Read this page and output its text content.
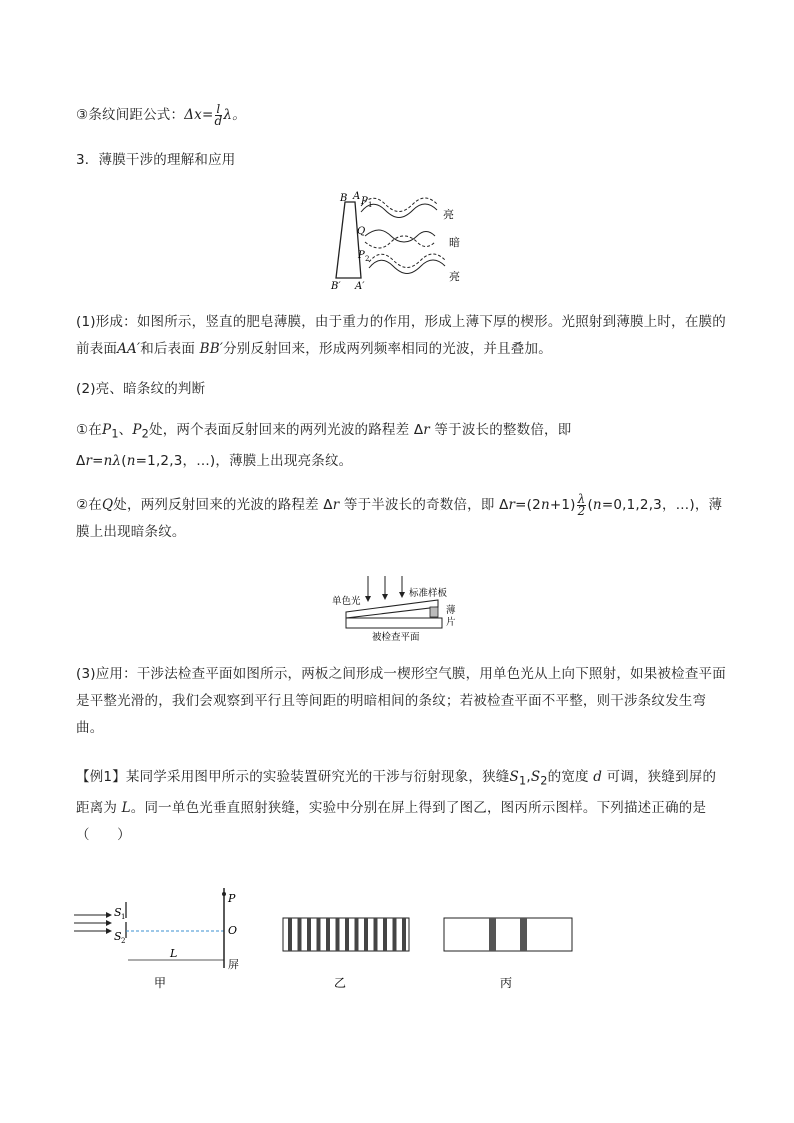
③条纹间距公式：$\Delta x= \frac{l}{d}$ λ。
3．薄膜干涉的理解和应用
B A P 1
Q
P 2
B′ A′
亮
暗
亮
(1)形成：如图所示，竖直的肥皂薄膜，由于重力的作用，形成上薄下厚的楔形。光照射到薄膜上时，在膜的前表面AA′和后表面 BB′分别反射回来，形成两列频率相同的光波，并且叠加。
(2)亮、暗条纹的判断
①在$P_1$、$P_2$处，两个表面反射回来的两列光波的路程差 Δr 等于波长的整数倍，即 Δr=nλ(n=1,2,3，…)，薄膜上出现亮条纹。
②在Q处，两列反射回来的光波的路程差 Δr 等于半波长的奇数倍，即 $\Delta r=(2n+1) \frac{\lambda}{2} (n=0,1,2,3$，…)，薄膜上出现暗条纹。
单色光
标准样板
薄
片
被检查平面
(3)应用：干涉法检查平面如图所示，两板之间形成一楔形空气膜，用单色光从上向下照射，如果被检查平面是平整光滑的，我们会观察到平行且等间距的明暗相间的条纹；若被检查平面不平整，则干涉条纹发生弯曲。
【例1】某同学采用图甲所示的实验装置研究光的干涉与衍射现象，狭缝$S_1,S_2$的宽度 d 可调，狭缝到屏的距离为 L。同一单色光垂直照射狭缝，实验中分别在屏上得到了图乙，图丙所示图样。下列描述正确的是（　　）
S 1
S 2
P
O
L
屏
甲	乙	丙
